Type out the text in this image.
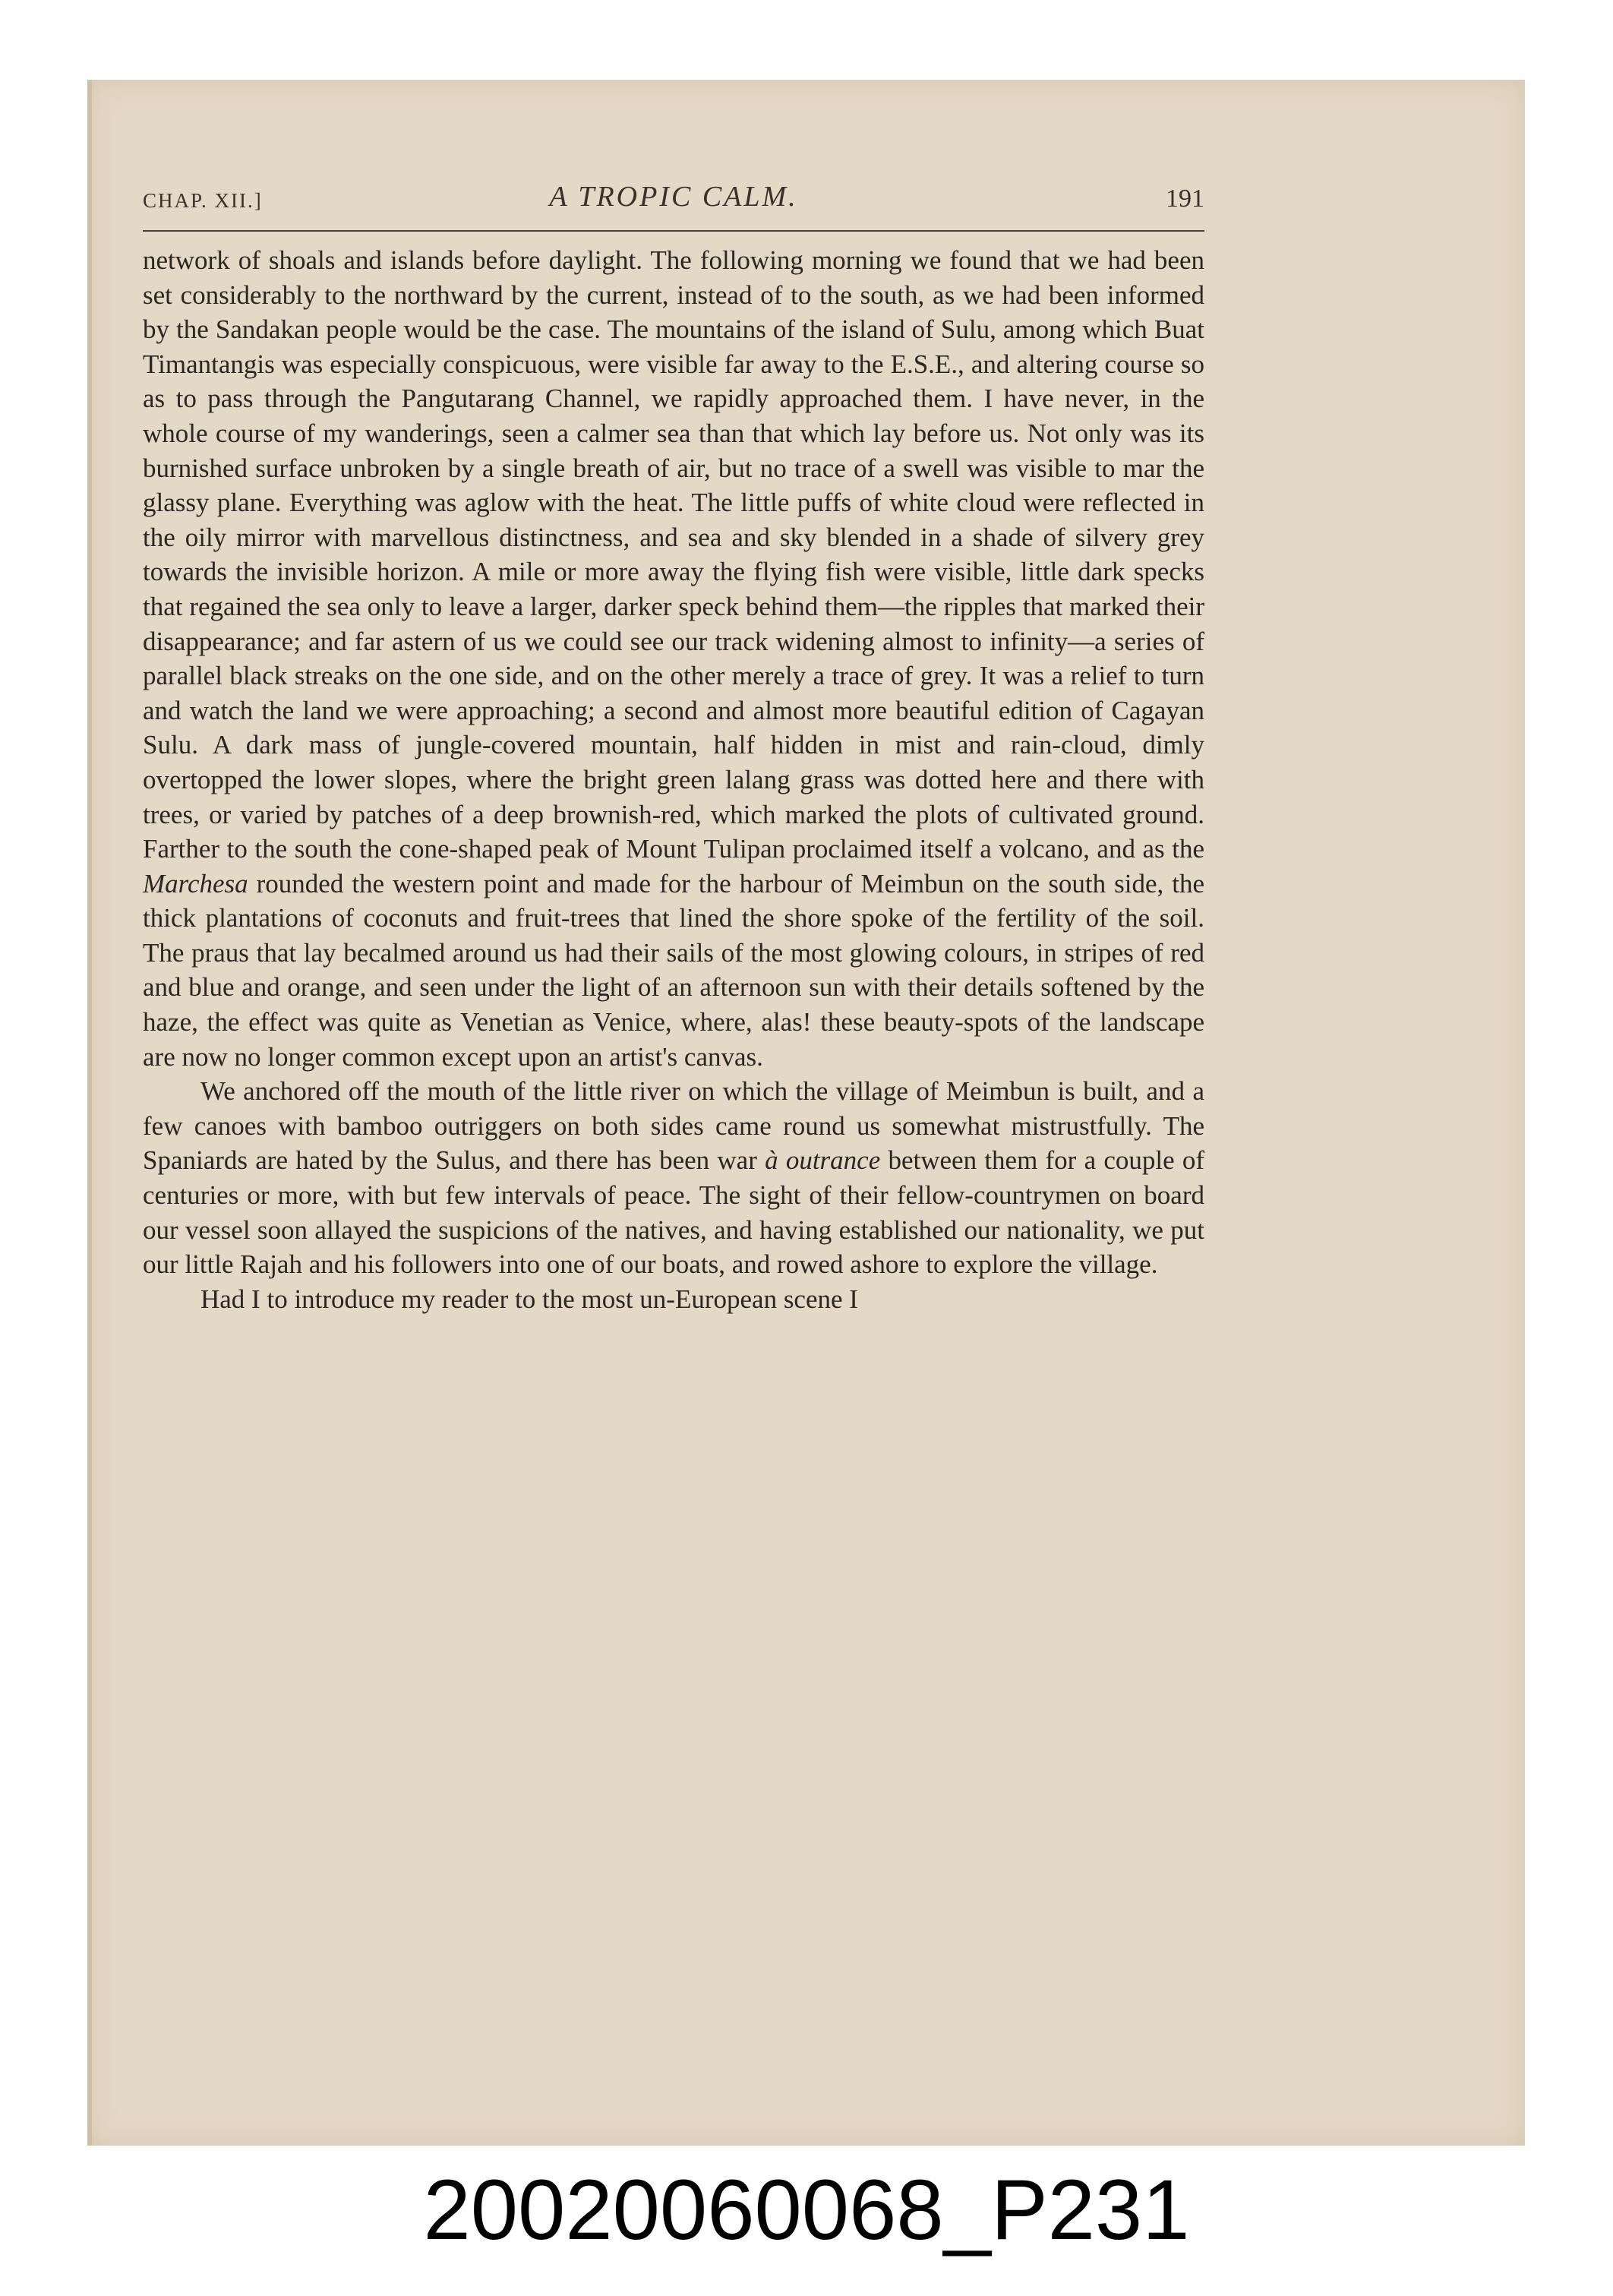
CHAP. XII.]	A TROPIC CALM.	191

network of shoals and islands before daylight. The following morning we found that we had been set considerably to the northward by the current, instead of to the south, as we had been informed by the Sandakan people would be the case. The mountains of the island of Sulu, among which Buat Timantangis was especially conspicuous, were visible far away to the E.S.E., and altering course so as to pass through the Pangutarang Channel, we rapidly approached them. I have never, in the whole course of my wanderings, seen a calmer sea than that which lay before us. Not only was its burnished surface unbroken by a single breath of air, but no trace of a swell was visible to mar the glassy plane. Everything was aglow with the heat. The little puffs of white cloud were reflected in the oily mirror with marvellous distinctness, and sea and sky blended in a shade of silvery grey towards the invisible horizon. A mile or more away the flying fish were visible, little dark specks that regained the sea only to leave a larger, darker speck behind them—the ripples that marked their disappearance; and far astern of us we could see our track widening almost to infinity—a series of parallel black streaks on the one side, and on the other merely a trace of grey. It was a relief to turn and watch the land we were approaching; a second and almost more beautiful edition of Cagayan Sulu. A dark mass of jungle-covered mountain, half hidden in mist and rain-cloud, dimly overtopped the lower slopes, where the bright green lalang grass was dotted here and there with trees, or varied by patches of a deep brownish-red, which marked the plots of cultivated ground. Farther to the south the cone-shaped peak of Mount Tulipan proclaimed itself a volcano, and as the Marchesa rounded the western point and made for the harbour of Meimbun on the south side, the thick plantations of coconuts and fruit-trees that lined the shore spoke of the fertility of the soil. The praus that lay becalmed around us had their sails of the most glowing colours, in stripes of red and blue and orange, and seen under the light of an afternoon sun with their details softened by the haze, the effect was quite as Venetian as Venice, where, alas! these beauty-spots of the landscape are now no longer common except upon an artist's canvas.

We anchored off the mouth of the little river on which the village of Meimbun is built, and a few canoes with bamboo outriggers on both sides came round us somewhat mistrustfully. The Spaniards are hated by the Sulus, and there has been war à outrance between them for a couple of centuries or more, with but few intervals of peace. The sight of their fellow-countrymen on board our vessel soon allayed the suspicions of the natives, and having established our nationality, we put our little Rajah and his followers into one of our boats, and rowed ashore to explore the village.

Had I to introduce my reader to the most un-European scene I

20020060068_P231
